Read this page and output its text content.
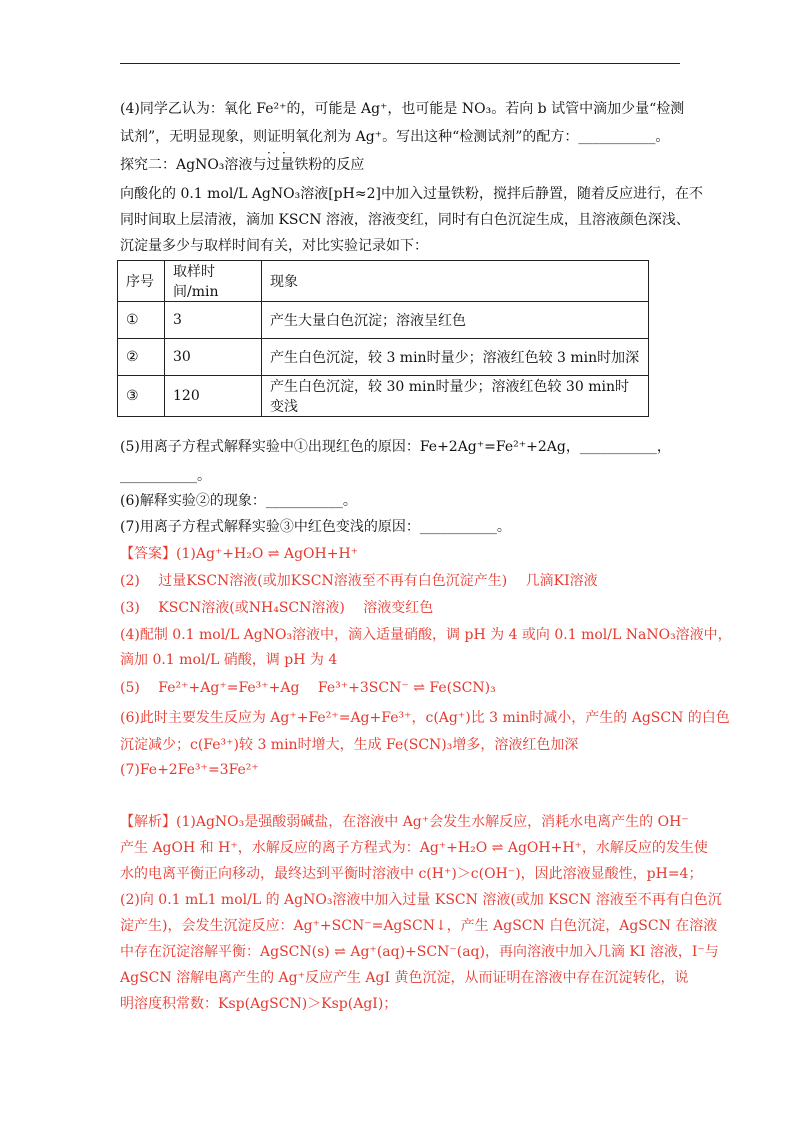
(4)同学乙认为：氧化 Fe²⁺的，可能是 Ag⁺，也可能是 NO₃。若向 b 试管中滴加少量“检测
试剂”，无明显现象，则证明氧化剂为 Ag⁺。写出这种“检测试剂”的配方：___________。
· ·
探究二：AgNO₃溶液与过量铁粉的反应
向酸化的 0.1 mol/L AgNO₃溶液[pH≈2]中加入过量铁粉，搅拌后静置，随着反应进行，在不
同时间取上层清液，滴加 KSCN 溶液，溶液变红，同时有白色沉淀生成，且溶液颜色深浅、
沉淀量多少与取样时间有关，对比实验记录如下：
序号	取样时间/min	现象
①	3	产生大量白色沉淀；溶液呈红色
②	30	产生白色沉淀，较 3 min时量少；溶液红色较 3 min时加深
③	120	产生白色沉淀，较 30 min时量少；溶液红色较 30 min时变浅
(5)用离子方程式解释实验中①出现红色的原因：Fe+2Ag⁺=Fe²⁺+2Ag，___________，
___________。
(6)解释实验②的现象：___________。
(7)用离子方程式解释实验③中红色变浅的原因：___________。
【答案】(1)Ag⁺+H₂O ⇌ AgOH+H⁺
(2)　 过量KSCN溶液(或加KSCN溶液至不再有白色沉淀产生)　 几滴KI溶液
(3)　 KSCN溶液(或NH₄SCN溶液)　 溶液变红色
(4)配制 0.1 mol/L AgNO₃溶液中，滴入适量硝酸，调 pH 为 4 或向 0.1 mol/L NaNO₃溶液中，
滴加 0.1 mol/L 硝酸，调 pH 为 4
(5)　 Fe²⁺+Ag⁺=Fe³⁺+Ag　 Fe³⁺+3SCN⁻ ⇌ Fe(SCN)₃
(6)此时主要发生反应为 Ag⁺+Fe²⁺=Ag+Fe³⁺，c(Ag⁺)比 3 min时减小，产生的 AgSCN 的白色
沉淀减少；c(Fe³⁺)较 3 min时增大，生成 Fe(SCN)₃增多，溶液红色加深
(7)Fe+2Fe³⁺=3Fe²⁺
【解析】(1)AgNO₃是强酸弱碱盐，在溶液中 Ag⁺会发生水解反应，消耗水电离产生的 OH⁻
产生 AgOH 和 H⁺，水解反应的离子方程式为：Ag⁺+H₂O ⇌ AgOH+H⁺，水解反应的发生使
水的电离平衡正向移动，最终达到平衡时溶液中 c(H⁺)＞c(OH⁻)，因此溶液显酸性，pH=4；
(2)向 0.1 mL1 mol/L 的 AgNO₃溶液中加入过量 KSCN 溶液(或加 KSCN 溶液至不再有白色沉
淀产生)，会发生沉淀反应：Ag⁺+SCN⁻=AgSCN↓，产生 AgSCN 白色沉淀，AgSCN 在溶液
中存在沉淀溶解平衡：AgSCN(s) ⇌ Ag⁺(aq)+SCN⁻(aq)，再向溶液中加入几滴 KI 溶液，I⁻与
AgSCN 溶解电离产生的 Ag⁺反应产生 AgI 黄色沉淀，从而证明在溶液中存在沉淀转化，说
明溶度积常数：Ksp(AgSCN)＞Ksp(AgI)；
